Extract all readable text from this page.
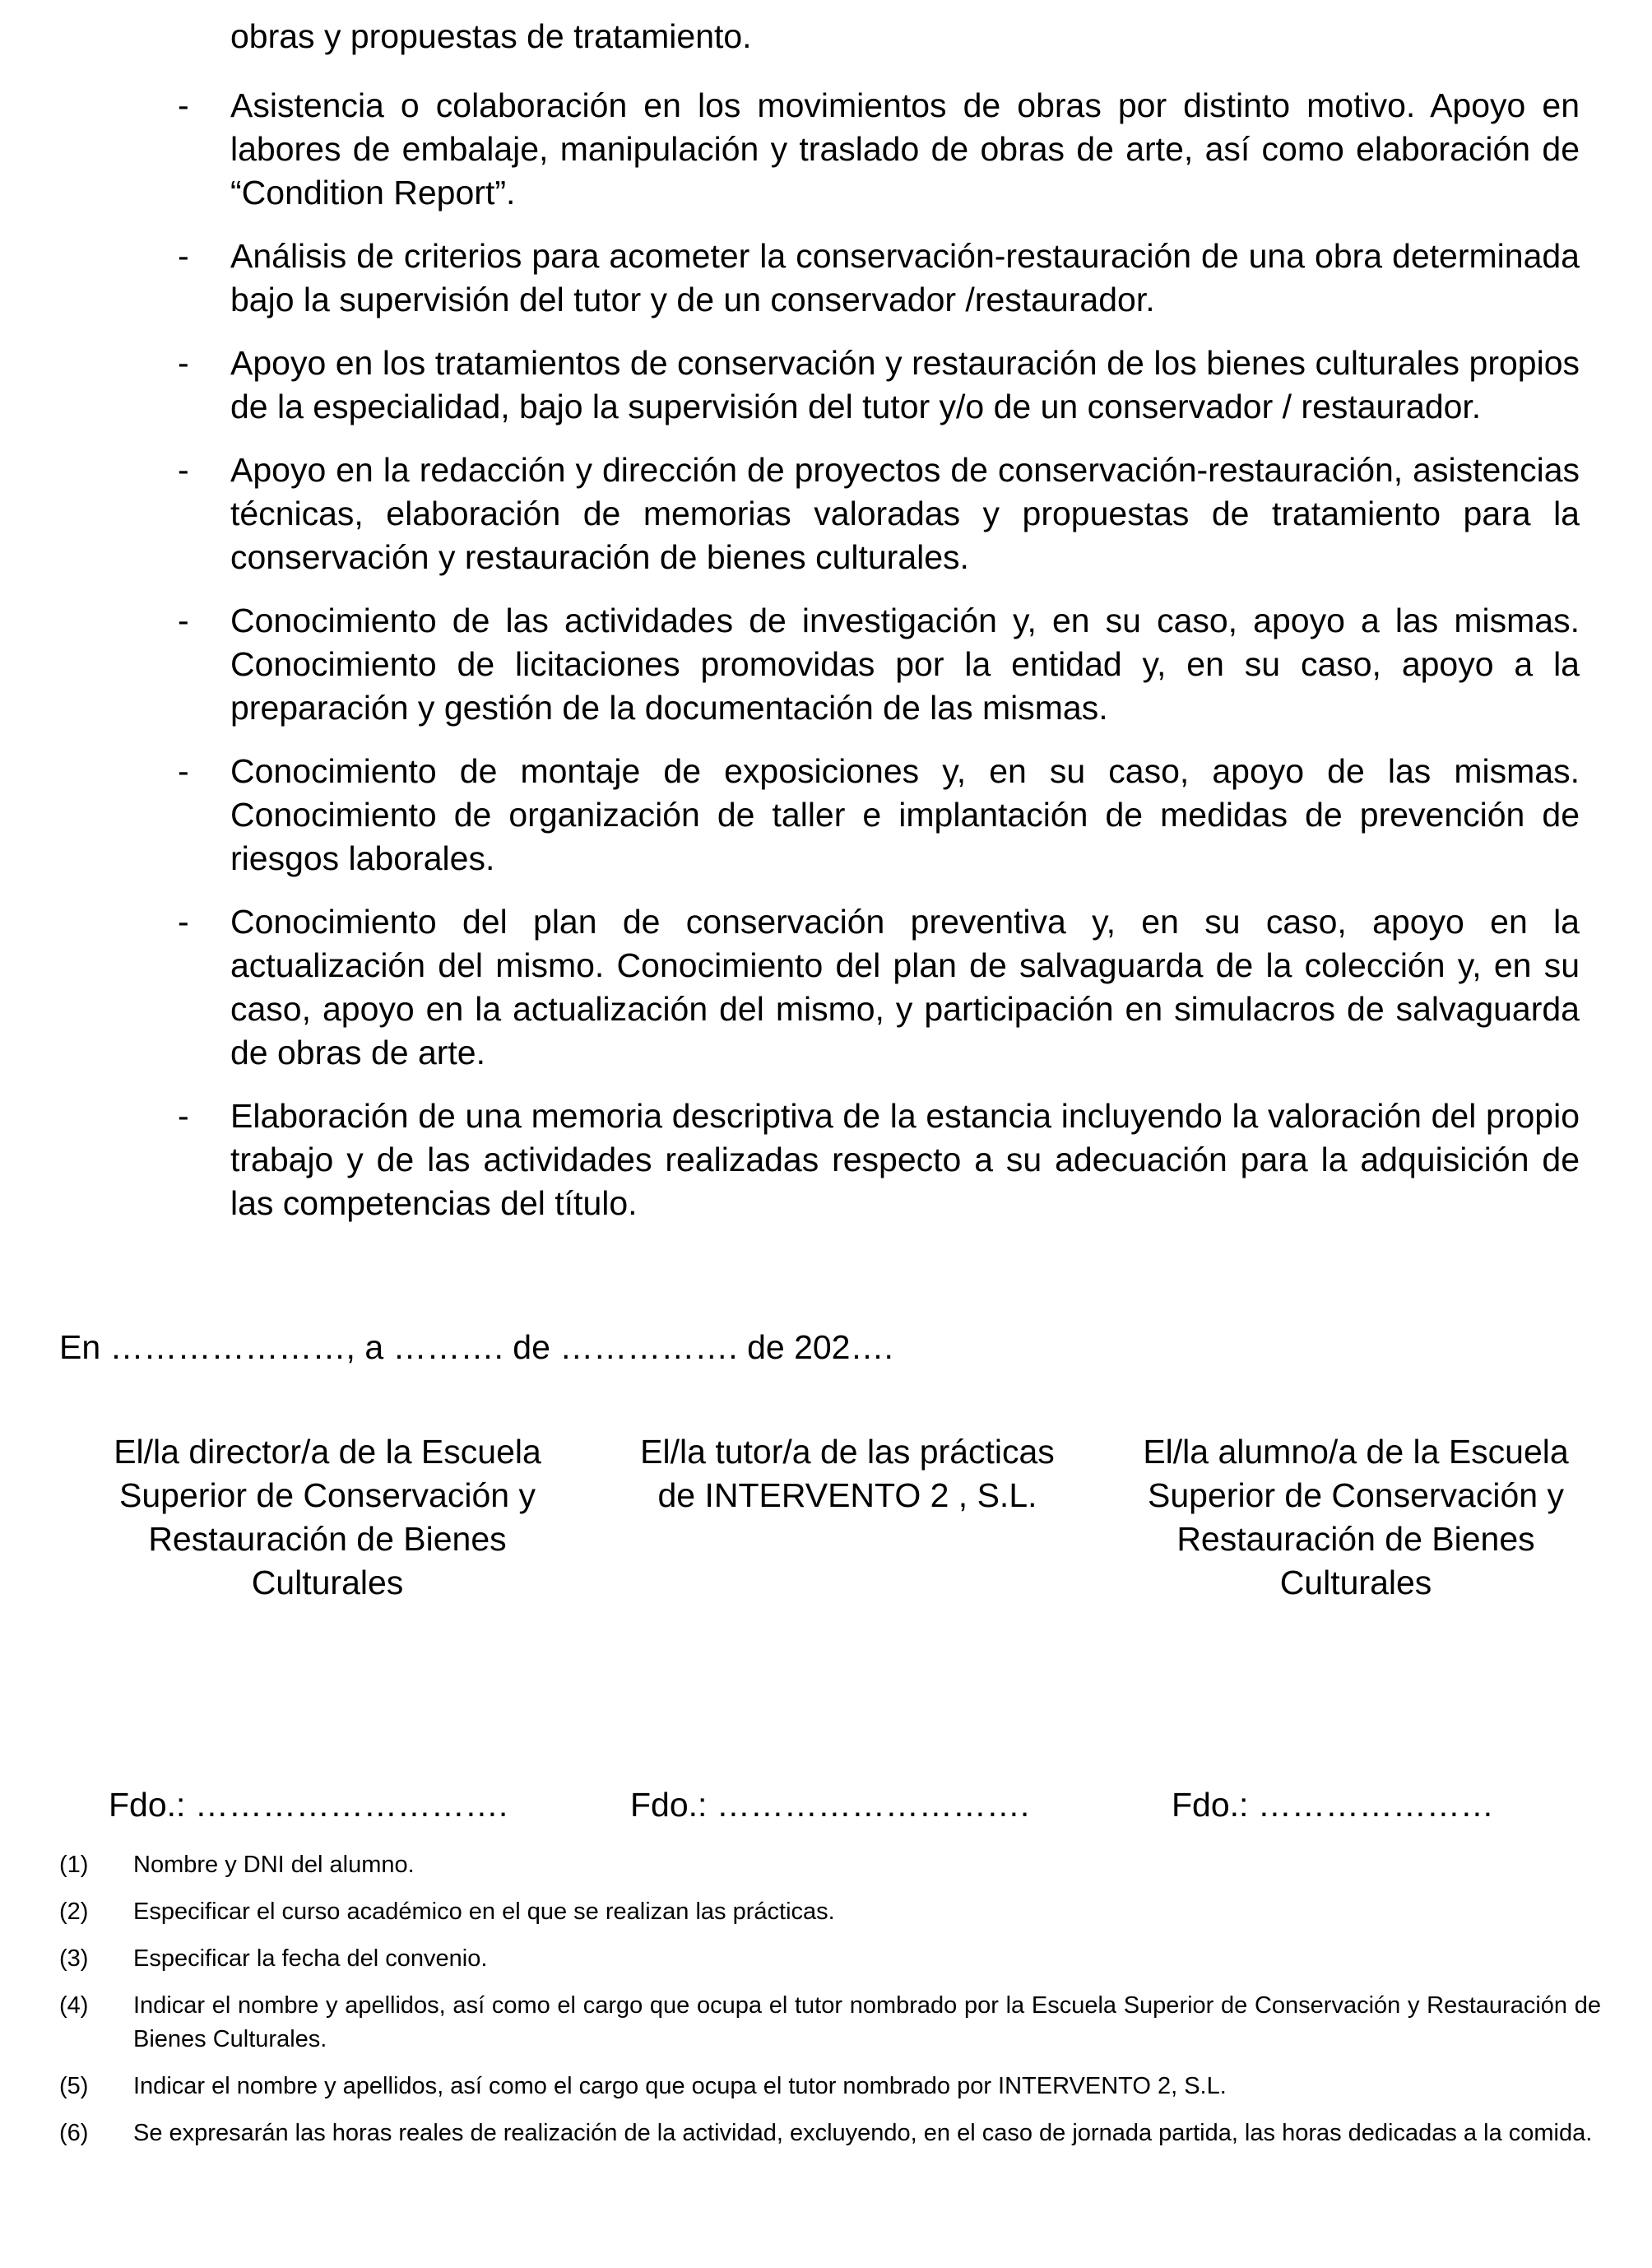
obras y propuestas de tratamiento.

- Asistencia o colaboración en los movimientos de obras por distinto motivo. Apoyo en labores de embalaje, manipulación y traslado de obras de arte, así como elaboración de “Condition Report”.
- Análisis de criterios para acometer la conservación-restauración de una obra determinada bajo la supervisión del tutor y de un conservador /restaurador.
- Apoyo en los tratamientos de conservación y restauración de los bienes culturales propios de la especialidad, bajo la supervisión del tutor y/o de un conservador / restaurador.
- Apoyo en la redacción y dirección de proyectos de conservación-restauración, asistencias técnicas, elaboración de memorias valoradas y propuestas de tratamiento para la conservación y restauración de bienes culturales.
- Conocimiento de las actividades de investigación y, en su caso, apoyo a las mismas. Conocimiento de licitaciones promovidas por la entidad y, en su caso, apoyo a la preparación y gestión de la documentación de las mismas.
- Conocimiento de montaje de exposiciones y, en su caso, apoyo de las mismas. Conocimiento de organización de taller e implantación de medidas de prevención de riesgos laborales.
- Conocimiento del plan de conservación preventiva y, en su caso, apoyo en la actualización del mismo. Conocimiento del plan de salvaguarda de la colección y, en su caso, apoyo en la actualización del mismo, y participación en simulacros de salvaguarda de obras de arte.
- Elaboración de una memoria descriptiva de la estancia incluyendo la valoración del propio trabajo y de las actividades realizadas respecto a su adecuación para la adquisición de las competencias del título.

En …………………, a ………. de ……………. de 202….

El/la director/a de la Escuela Superior de Conservación y Restauración de Bienes Culturales

El/la tutor/a de las prácticas de INTERVENTO 2 , S.L.

El/la alumno/a de la Escuela Superior de Conservación y Restauración de Bienes Culturales

Fdo.: ……………………….	Fdo.: ……………………….	Fdo.: …………………

(1) Nombre y DNI del alumno.
(2) Especificar el curso académico en el que se realizan las prácticas.
(3) Especificar la fecha del convenio.
(4) Indicar el nombre y apellidos, así como el cargo que ocupa el tutor nombrado por la Escuela Superior de Conservación y Restauración de Bienes Culturales.
(5) Indicar el nombre y apellidos, así como el cargo que ocupa el tutor nombrado por INTERVENTO 2, S.L.
(6) Se expresarán las horas reales de realización de la actividad, excluyendo, en el caso de jornada partida, las horas dedicadas a la comida.
